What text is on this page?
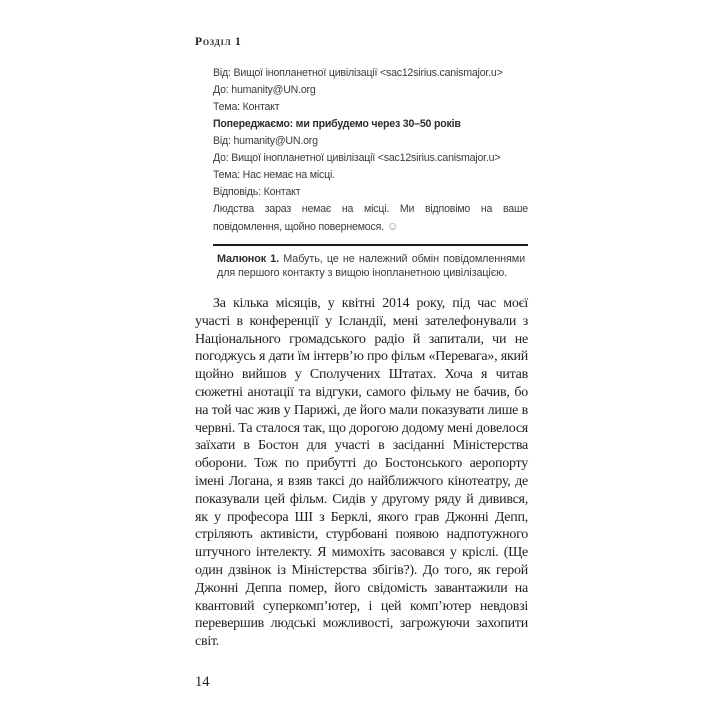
Розділ 1
Від: Вищої інопланетної цивілізації <sac12sirius.canismajor.u>
До: humanity@UN.org
Тема: Контакт
Попереджаємо: ми прибудемо через 30–50 років
Від: humanity@UN.org
До: Вищої інопланетної цивілізації <sac12sirius.canismajor.u>
Тема: Нас немає на місці.
Відповідь: Контакт
Людства зараз немає на місці. Ми відповімо на ваше повідомлення, щойно повернемося. ☺
Малюнок 1. Мабуть, це не належний обмін повідомленнями для першого контакту з вищою інопланетною цивілізацією.
За кілька місяців, у квітні 2014 року, під час моєї участі в конференції у Ісландії, мені зателефонували з Національного громадського радіо й запитали, чи не погоджусь я дати їм інтерв’ю про фільм «Перевага», який щойно вийшов у Сполучених Штатах. Хоча я читав сюжетні анотації та відгуки, самого фільму не бачив, бо на той час жив у Парижі, де його мали показувати лише в червні. Та сталося так, що дорогою додому мені довелося заїхати в Бостон для участі в засіданні Міністерства оборони. Тож по прибутті до Бостонського аеропорту імені Логана, я взяв таксі до найближчого кінотеатру, де показували цей фільм. Сидів у другому ряду й дивився, як у професора ШІ з Берклі, якого грав Джонні Депп, стріляють активісти, стурбовані появою надпотужного штучного інтелекту. Я мимохіть засовався у кріслі. (Ще один дзвінок із Міністерства збігів?). До того, як герой Джонні Деппа помер, його свідомість завантажили на квантовий суперкомп’ютер, і цей комп’ютер невдовзі перевершив людські можливості, загрожуючи захопити світ.
14
